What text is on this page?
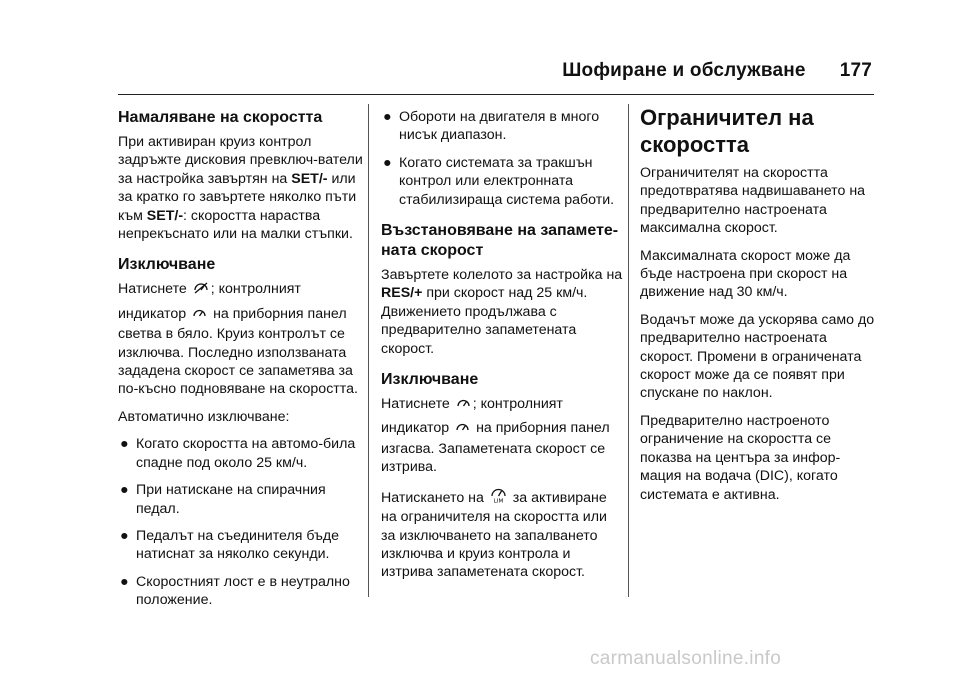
Шофиране и обслужване 177
Намаляване на скоростта

При активиран круиз контрол задръжте дисковия превключ-ватели за настройка завъртян на SET/- или за кратко го завъртете няколко пъти към SET/-: скоростта нараства непрекъснато или на малки стъпки.

Изключване

Натиснете ; контролният

индикатор  на приборния панел светва в бяло. Круиз контролът се изключва. Последно използваната зададена скорост се запаметява за по-късно подновяване на скоростта.

Автоматично изключване:

● Когато скоростта на автомо-била спадне под около 25 км/ч.
● При натискане на спирачния педал.
● Педалът на съединителя бъде натиснат за няколко секунди.
● Скоростният лост е в неутрално положение.
● Обороти на двигателя в много нисък диапазон.
● Когато системата за тракшън контрол или електронната стабилизираща система работи.
Възстановяване на запамете-ната скорост

Завъртете колелото за настройка на RES/+ при скорост над 25 км/ч. Движението продължава с предварително запаметената скорост.

Изключване

Натиснете ; контролният

индикатор  на приборния панел изгасва. Запаметената скорост се изтрива.

Натискането на LIM за активиране на ограничителя на скоростта или за изключването на запалването изключва и круиз контрола и изтрива запаметената скорост.

Ограничител на скоростта

Ограничителят на скоростта предотвратява надвишаването на предварително настроената максимална скорост.

Максималната скорост може да бъде настроена при скорост на движение над 30 км/ч.

Водачът може да ускорява само до предварително настроената скорост. Промени в ограничената скорост може да се появят при спускане по наклон.

Предварително настроеното ограничение на скоростта се показва на центъра за инфор-мация на водача (DIC), когато системата е активна.

carmanualsonline.info
